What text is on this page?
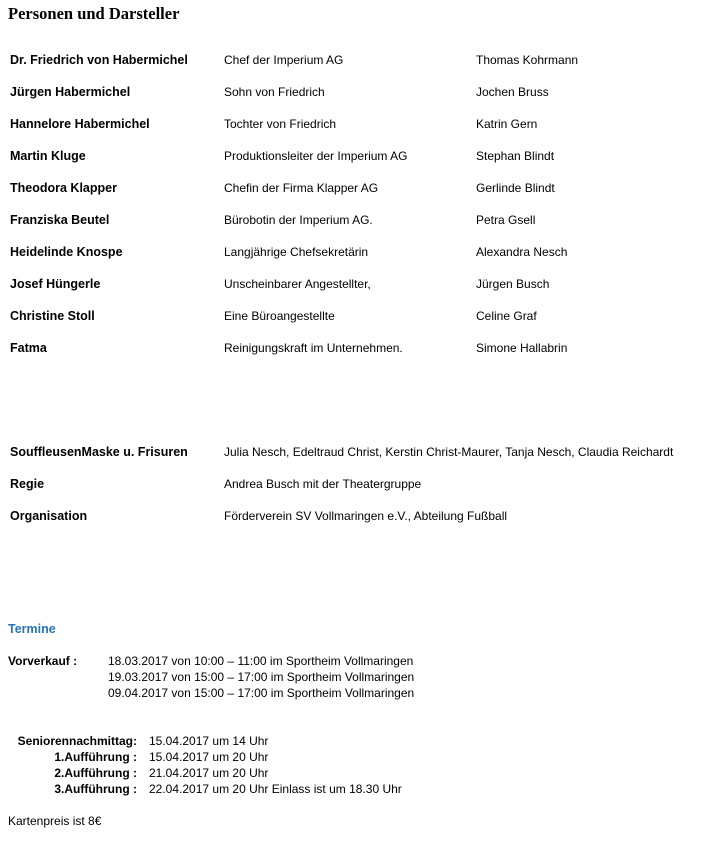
Personen und Darsteller
Dr. Friedrich von Habermichel	Chef der Imperium AG	Thomas Kohrmann
Jürgen Habermichel	Sohn von Friedrich	Jochen Bruss
Hannelore Habermichel	Tochter von Friedrich	Katrin Gern
Martin Kluge	Produktionsleiter der Imperium AG	Stephan Blindt
Theodora Klapper	Chefin der Firma Klapper AG	Gerlinde Blindt
Franziska Beutel	Bürobotin der Imperium AG.	Petra Gsell
Heidelinde Knospe	Langjährige Chefsekretärin	Alexandra Nesch
Josef Hüngerle	Unscheinbarer Angestellter,	Jürgen Busch
Christine Stoll	Eine Büroangestellte	Celine Graf
Fatma	Reinigungskraft im Unternehmen.	Simone Hallabrin
SouffleusenMaske u. Frisuren	Julia Nesch, Edeltraud Christ, Kerstin Christ-Maurer, Tanja Nesch, Claudia Reichardt
Regie	Andrea Busch mit der Theatergruppe
Organisation	Förderverein SV Vollmaringen e.V., Abteilung Fußball
Termine
Vorverkauf :	18.03.2017 von 10:00 – 11:00 im Sportheim Vollmaringen
19.03.2017 von 15:00 – 17:00 im Sportheim Vollmaringen
09.04.2017 von 15:00 – 17:00 im Sportheim Vollmaringen
Seniorennachmittag: 15.04.2017 um 14 Uhr
1.Aufführung : 15.04.2017 um 20 Uhr
2.Aufführung : 21.04.2017 um 20 Uhr
3.Aufführung : 22.04.2017 um 20 Uhr Einlass ist um 18.30 Uhr
Kartenpreis ist 8€
